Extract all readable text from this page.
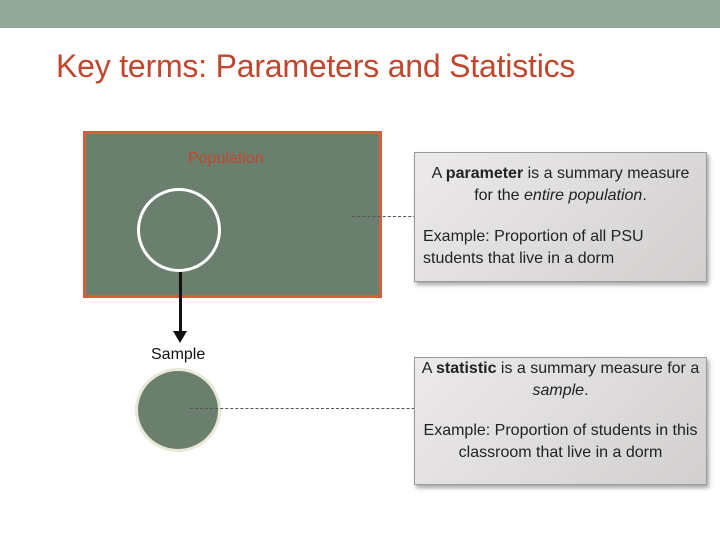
Key terms: Parameters and Statistics
Population
Sample
A parameter is a summary measure for the entire population.
Example: Proportion of all PSU students that live in a dorm
A statistic is a summary measure for a sample.
Example: Proportion of students in this classroom that live in a dorm
